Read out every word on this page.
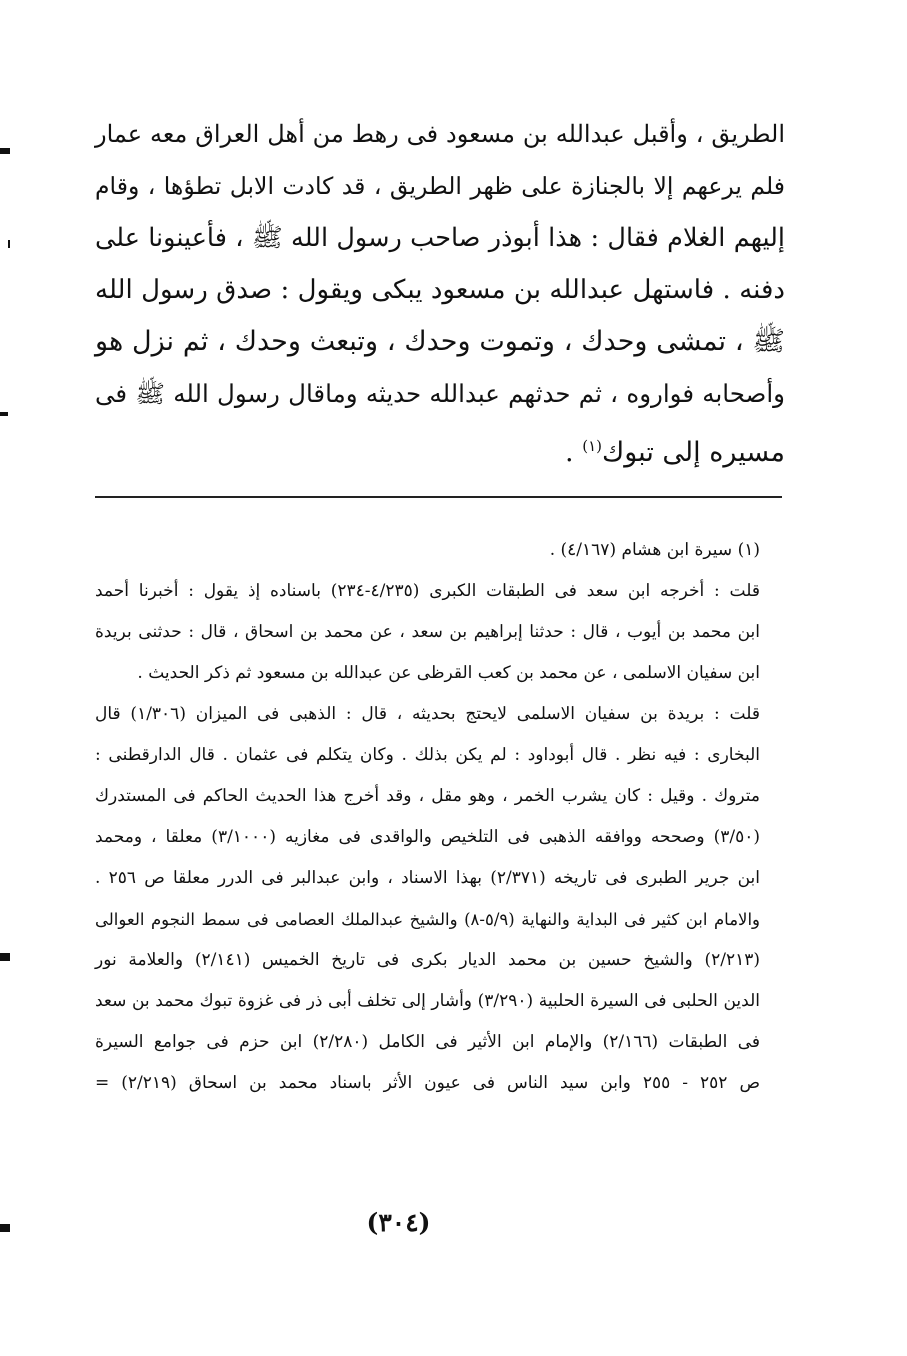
الطريق ، وأقبل عبدالله بن مسعود فى رهط من أهل العراق معه عمار
فلم يرعهم إلا بالجنازة على ظهر الطريق ، قد كادت الابل تطؤها ، وقام
إليهم الغلام فقال : هذا أبوذر صاحب رسول الله ﷺ ، فأعينونا على
دفنه . فاستهل عبدالله بن مسعود يبكى ويقول : صدق رسول الله
ﷺ ، تمشى وحدك ، وتموت وحدك ، وتبعث وحدك ، ثم نزل هو
وأصحابه فواروه ، ثم حدثهم عبدالله حديثه وماقال رسول الله ﷺ فى
مسيره إلى تبوك$^{(١)}$ .
(١) سيرة ابن هشام (٤/١٦٧) .
قلت : أخرجه ابن سعد فى الطبقات الكبرى (٤/٢٣٥-٢٣٤) باسناده إذ يقول : أخبرنا أحمد
ابن محمد بن أيوب ، قال : حدثنا إبراهيم بن سعد ، عن محمد بن اسحاق ، قال : حدثنى بريدة
ابن سفيان الاسلمى ، عن محمد بن كعب القرظى عن عبدالله بن مسعود ثم ذكر الحديث .
قلت : بريدة بن سفيان الاسلمى لايحتج بحديثه ، قال : الذهبى فى الميزان (١/٣٠٦) قال
البخارى : فيه نظر . قال أبوداود : لم يكن بذلك . وكان يتكلم فى عثمان . قال الدارقطنى :
متروك . وقيل : كان يشرب الخمر ، وهو مقل ، وقد أخرج هذا الحديث الحاكم فى المستدرك
(٣/٥٠) وصححه ووافقه الذهبى فى التلخيص والواقدى فى مغازيه (٣/١٠٠٠) معلقا ، ومحمد
ابن جرير الطبرى فى تاريخه (٢/٣٧١) بهذا الاسناد ، وابن عبدالبر فى الدرر معلقا ص ٢٥٦ .
والامام ابن كثير فى البداية والنهاية (٥/٩-٨) والشيخ عبدالملك العصامى فى سمط النجوم العوالى
(٢/٢١٣) والشيخ حسين بن محمد الديار بكرى فى تاريخ الخميس (٢/١٤١) والعلامة نور
الدين الحلبى فى السيرة الحلبية (٣/٢٩٠) وأشار إلى تخلف أبى ذر فى غزوة تبوك محمد بن سعد
فى الطبقات (٢/١٦٦) والإمام ابن الأثير فى الكامل (٢/٢٨٠) ابن حزم فى جوامع السيرة
ص ٢٥٢ - ٢٥٥ وابن سيد الناس فى عيون الأثر باسناد محمد بن اسحاق (٢/٢١٩) =
(٣٠٤)
